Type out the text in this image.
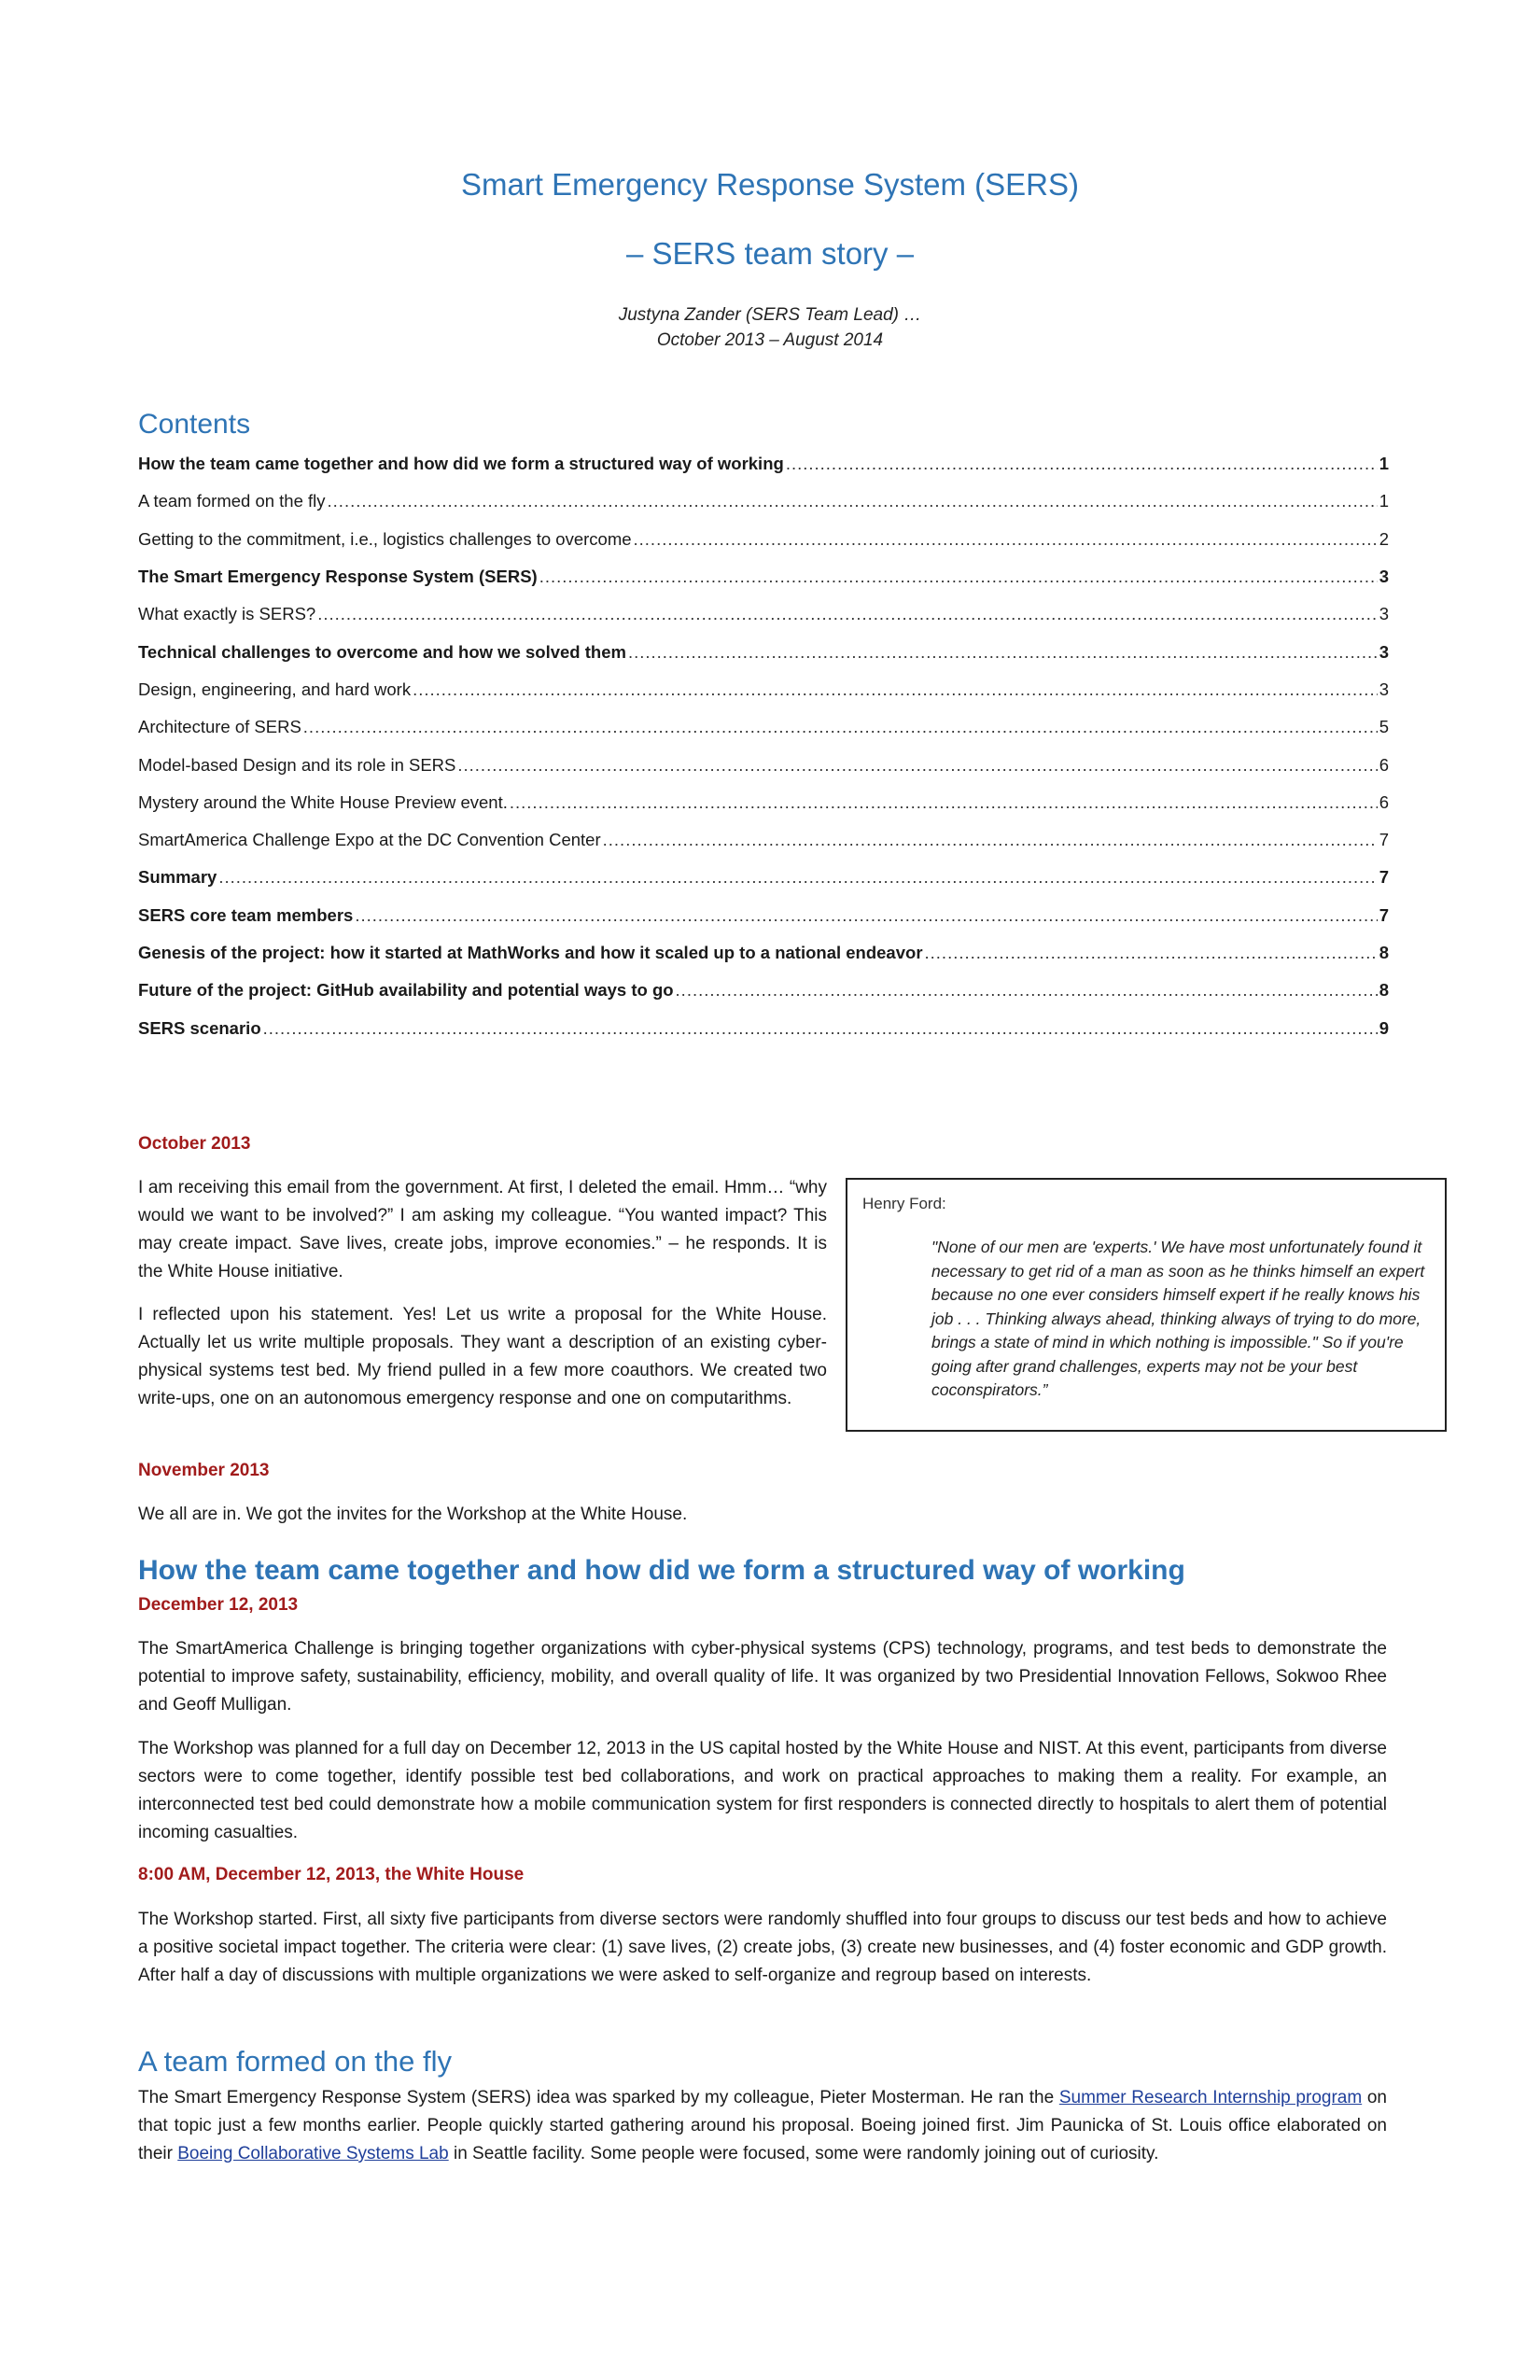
Smart Emergency Response System (SERS)
– SERS team story –
Justyna Zander (SERS Team Lead) …
October 2013 – August 2014
Contents
How the team came together and how did we form a structured way of working .....	1
A team formed on the fly .....	1
Getting to the commitment, i.e., logistics challenges to overcome .....	2
The Smart Emergency Response System (SERS) .....	3
What exactly is SERS? .....	3
Technical challenges to overcome and how we solved them .....	3
Design, engineering, and hard work .....	3
Architecture of SERS .....	5
Model-based Design and its role in SERS .....	6
Mystery around the White House Preview event. .....	6
SmartAmerica Challenge Expo at the DC Convention Center .....	7
Summary .....	7
SERS core team members .....	7
Genesis of the project: how it started at MathWorks and how it scaled up to a national endeavor .....	8
Future of the project: GitHub availability and potential ways to go .....	8
SERS scenario .....	9
October 2013
I am receiving this email from the government. At first, I deleted the email. Hmm… “why would we want to be involved?” I am asking my colleague. “You wanted impact? This may create impact. Save lives, create jobs, improve economies.” – he responds. It is the White House initiative.
I reflected upon his statement. Yes! Let us write a proposal for the White House. Actually let us write multiple proposals. They want a description of an existing cyber-physical systems test bed. My friend pulled in a few more coauthors. We created two write-ups, one on an autonomous emergency response and one on computarithms.
Henry Ford:
"None of our men are 'experts.' We have most unfortunately found it necessary to get rid of a man as soon as he thinks himself an expert because no one ever considers himself expert if he really knows his job . . . Thinking always ahead, thinking always of trying to do more, brings a state of mind in which nothing is impossible." So if you're going after grand challenges, experts may not be your best coconspirators.”
November 2013
We all are in. We got the invites for the Workshop at the White House.
How the team came together and how did we form a structured way of working
December 12, 2013
The SmartAmerica Challenge is bringing together organizations with cyber-physical systems (CPS) technology, programs, and test beds to demonstrate the potential to improve safety, sustainability, efficiency, mobility, and overall quality of life. It was organized by two Presidential Innovation Fellows, Sokwoo Rhee and Geoff Mulligan.
The Workshop was planned for a full day on December 12, 2013 in the US capital hosted by the White House and NIST. At this event, participants from diverse sectors were to come together, identify possible test bed collaborations, and work on practical approaches to making them a reality. For example, an interconnected test bed could demonstrate how a mobile communication system for first responders is connected directly to hospitals to alert them of potential incoming casualties.
8:00 AM, December 12, 2013, the White House
The Workshop started. First, all sixty five participants from diverse sectors were randomly shuffled into four groups to discuss our test beds and how to achieve a positive societal impact together. The criteria were clear: (1) save lives, (2) create jobs, (3) create new businesses, and (4) foster economic and GDP growth. After half a day of discussions with multiple organizations we were asked to self-organize and regroup based on interests.
A team formed on the fly
The Smart Emergency Response System (SERS) idea was sparked by my colleague, Pieter Mosterman. He ran the Summer Research Internship program on that topic just a few months earlier. People quickly started gathering around his proposal. Boeing joined first. Jim Paunicka of St. Louis office elaborated on their Boeing Collaborative Systems Lab in Seattle facility. Some people were focused, some were randomly joining out of curiosity.
